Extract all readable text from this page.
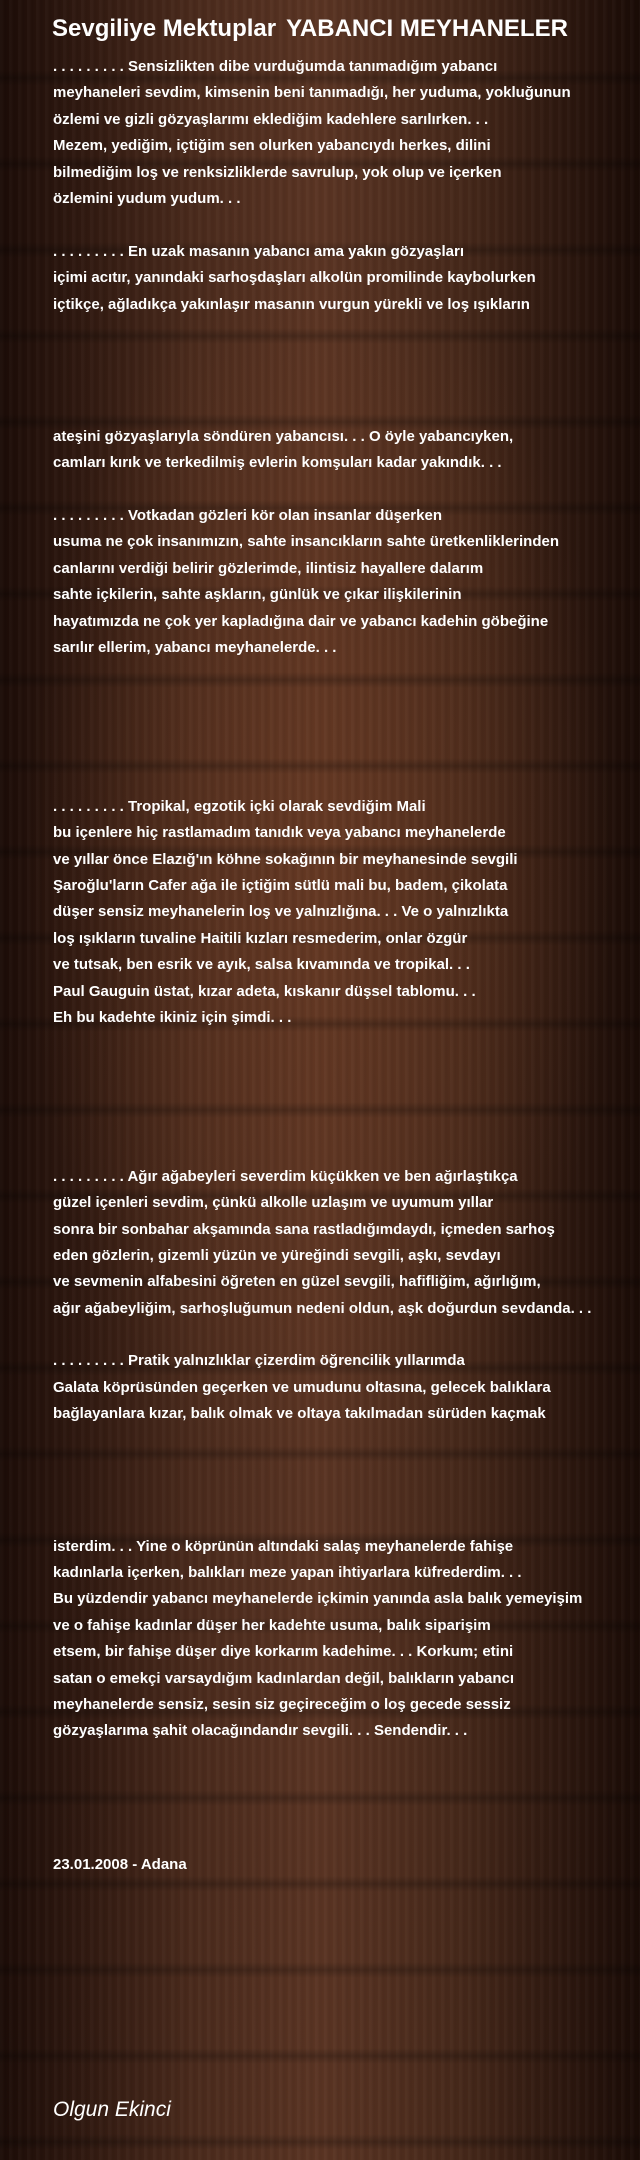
Sevgiliye Mektuplar YABANCI MEYHANELER
. . . . . . . . . Sensizlikten dibe vurduğumda tanımadığım yabancı
meyhaneleri sevdim, kimsenin beni tanımadığı, her yuduma, yokluğunun
özlemi ve gizli gözyaşlarımı eklediğim kadehlere sarılırken. . .
Mezem, yediğim, içtiğim sen olurken yabancıydı herkes, dilini
bilmediğim loş ve renksizliklerde savrulup, yok olup ve içerken
özlemini yudum yudum. . .
. . . . . . . . . En uzak masanın yabancı ama yakın gözyaşları
içimi acıtır, yanındaki sarhoşdaşları alkolün promilinde kaybolurken
içtikçe, ağladıkça yakınlaşır masanın vurgun yürekli ve loş ışıkların
ateşini gözyaşlarıyla söndüren yabancısı. . . O öyle yabancıyken,
camları kırık ve terkedilmiş evlerin komşuları kadar yakındık. . .
. . . . . . . . . Votkadan gözleri kör olan insanlar düşerken
usuma ne çok insanımızın, sahte insancıkların sahte üretkenliklerinden
canlarını verdiği belirir gözlerimde, ilintisiz hayallere dalarım
sahte içkilerin, sahte aşkların, günlük ve çıkar ilişkilerinin
hayatımızda ne çok yer kapladığına dair ve yabancı kadehin göbeğine
sarılır ellerim, yabancı meyhanelerde. . .
. . . . . . . . . Tropikal, egzotik içki olarak sevdiğim Mali
bu içenlere hiç rastlamadım tanıdık veya yabancı meyhanelerde
ve yıllar önce Elazığ'ın köhne sokağının bir meyhanesinde sevgili
Şaroğlu'ların Cafer ağa ile içtiğim sütlü mali bu, badem, çikolata
düşer sensiz meyhanelerin loş ve yalnızlığına. . . Ve o yalnızlıkta
loş ışıkların tuvaline Haitili kızları resmederim, onlar özgür
ve tutsak, ben esrik ve ayık, salsa kıvamında ve tropikal. . .
Paul Gauguin üstat, kızar adeta, kıskanır düşsel tablomu. . .
Eh bu kadehte ikiniz için şimdi. . .
. . . . . . . . . Ağır ağabeyleri severdim küçükken ve ben ağırlaştıkça
güzel içenleri sevdim, çünkü alkolle uzlaşım ve uyumum yıllar
sonra bir sonbahar akşamında sana rastladığımdaydı, içmeden sarhoş
eden gözlerin, gizemli yüzün ve yüreğindi sevgili, aşkı, sevdayı
ve sevmenin alfabesini öğreten en güzel sevgili, hafifliğim, ağırlığım,
ağır ağabeyliğim, sarhoşluğumun nedeni oldun, aşk doğurdun sevdanda. . .
. . . . . . . . . Pratik yalnızlıklar çizerdim öğrencilik yıllarımda
Galata köprüsünden geçerken ve umudunu oltasına, gelecek balıklara
bağlayanlara kızar, balık olmak ve oltaya takılmadan sürüden kaçmak
isterdim. . . Yine o köprünün altındaki salaş meyhanelerde fahişe
kadınlarla içerken, balıkları meze yapan ihtiyarlara küfrederdim. . .
Bu yüzdendir yabancı meyhanelerde içkimin yanında asla balık yemeyişim
ve o fahişe kadınlar düşer her kadehte usuma, balık siparişim
etsem, bir fahişe düşer diye korkarım kadehime. . . Korkum; etini
satan o emekçi varsaydığım kadınlardan değil, balıkların yabancı
meyhanelerde sensiz, sesin siz geçireceğim o loş gecede sessiz
gözyaşlarıma şahit olacağındandır sevgili. . . Sendendir. . .
23.01.2008 - Adana
Olgun Ekinci
